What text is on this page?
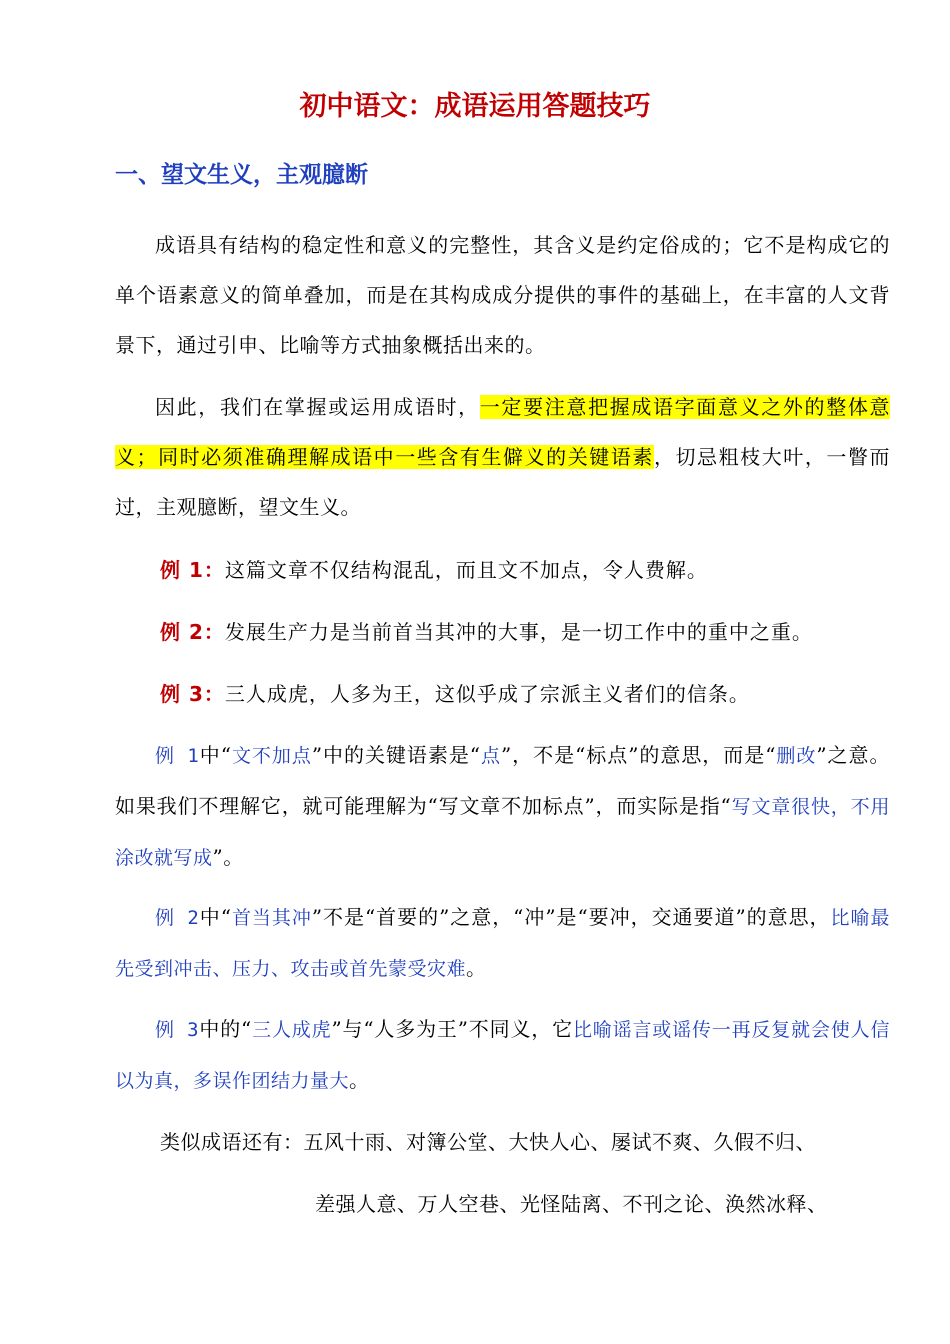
初中语文：成语运用答题技巧
一、望文生义，主观臆断

成语具有结构的稳定性和意义的完整性，其含义是约定俗成的；它不是构成它的单个语素意义的简单叠加，而是在其构成成分提供的事件的基础上，在丰富的人文背景下，通过引申、比喻等方式抽象概括出来的。

因此，我们在掌握或运用成语时，一定要注意把握成语字面意义之外的整体意义；同时必须准确理解成语中一些含有生僻义的关键语素，切忌粗枝大叶，一瞥而过，主观臆断，望文生义。

例 1：这篇文章不仅结构混乱，而且文不加点，令人费解。

例 2：发展生产力是当前首当其冲的大事，是一切工作中的重中之重。

例 3：三人成虎，人多为王，这似乎成了宗派主义者们的信条。

例 1中“文不加点”中的关键语素是“点”，不是“标点”的意思，而是“删改”之意。如果我们不理解它，就可能理解为“写文章不加标点”，而实际是指“写文章很快，不用涂改就写成”。

例 2中“首当其冲”不是“首要的”之意，“冲”是“要冲，交通要道”的意思，比喻最先受到冲击、压力、攻击或首先蒙受灾难。

例 3中的“三人成虎”与“人多为王”不同义，它比喻谣言或谣传一再反复就会使人信以为真，多误作团结力量大。

类似成语还有：五风十雨、对簿公堂、大快人心、屡试不爽、久假不归、

差强人意、万人空巷、光怪陆离、不刊之论、涣然冰释、
